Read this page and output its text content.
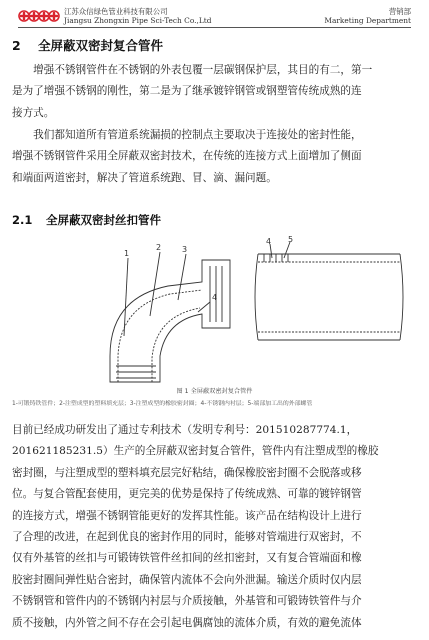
江苏众信绿色管业科技有限公司
Jiangsu Zhongxin Pipe Sci-Tech Co.,Ltd
营销部
Marketing Department
2 全屏蔽双密封复合管件

　　增强不锈钢管件在不锈钢的外表包覆一层碳钢保护层，其目的有二，第一
是为了增强不锈钢的刚性，第二是为了继承镀锌钢管或钢塑管传统成熟的连
接方式。

　　我们都知道所有管道系统漏损的控制点主要取决于连接处的密封性能，
增强不锈钢管件采用全屏蔽双密封技术，在传统的连接方式上面增加了侧面
和端面两道密封，解决了管道系统跑、冒、滴、漏问题。

2.1 全屏蔽双密封丝扣管件
1
2	3
4
4 5
图 1 全屏蔽双密封复合管件
1-可锻铸铁管件；2-注塑成型的塑料填充层；3-注塑成型的橡胶密封圈；4-不锈钢内衬层；5-端部加工出的外部螺管

目前已经成功研发出了通过专利技术（发明专利号：201510287774.1，
201621185231.5）生产的全屏蔽双密封复合管件，管件内有注塑成型的橡胶
密封圈，与注塑成型的塑料填充层完好粘结，确保橡胶密封圈不会脱落或移
位。与复合管配套使用，更完美的优势是保持了传统成熟、可靠的镀锌钢管
的连接方式，增强不锈钢管能更好的发挥其性能。该产品在结构设计上进行
了合理的改进，在起到优良的密封作用的同时，能够对管端进行双密封，不
仅有外基管的丝扣与可锻铸铁管件丝扣间的丝扣密封，又有复合管端面和橡
胶密封圈间弹性贴合密封，确保管内流体不会向外泄漏。输送介质时仅内层
不锈钢管和管件内的不锈钢内衬层与介质接触，外基管和可锻铸铁管件与介
质不接触，内外管之间不存在会引起电偶腐蚀的流体介质，有效的避免流体
